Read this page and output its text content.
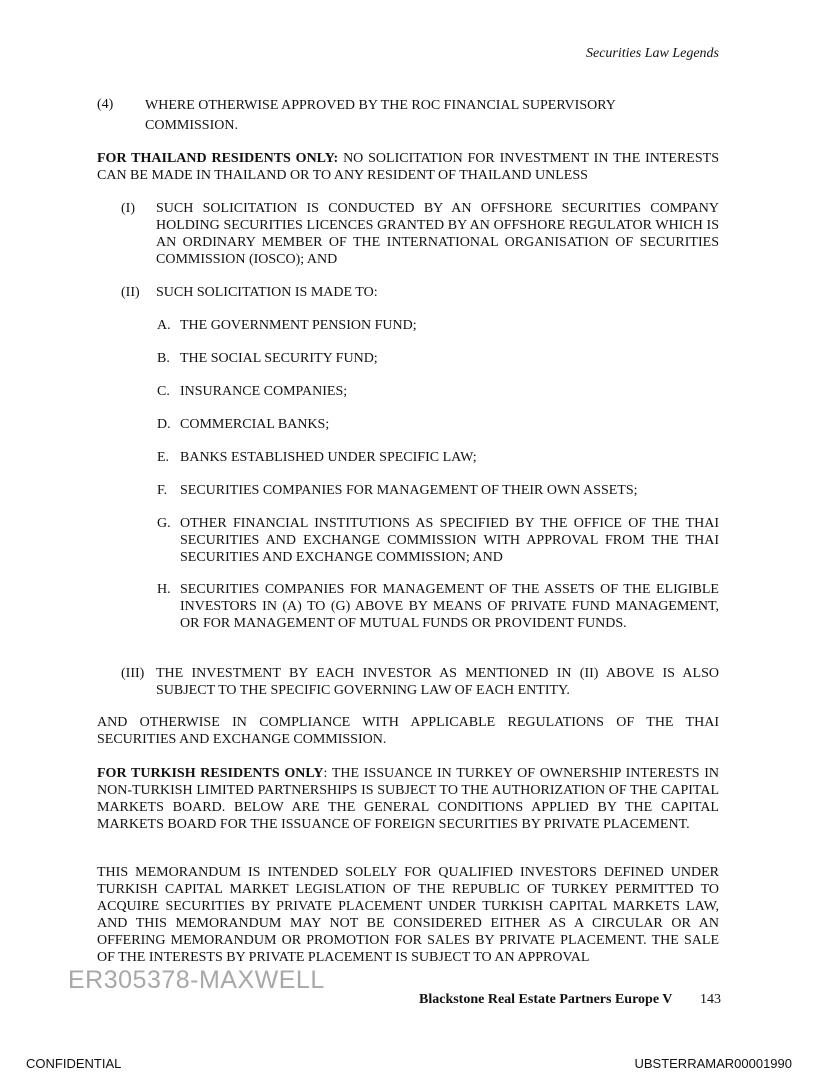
Securities Law Legends
(4) WHERE OTHERWISE APPROVED BY THE ROC FINANCIAL SUPERVISORY COMMISSION.
FOR THAILAND RESIDENTS ONLY: NO SOLICITATION FOR INVESTMENT IN THE INTERESTS CAN BE MADE IN THAILAND OR TO ANY RESIDENT OF THAILAND UNLESS
(I) SUCH SOLICITATION IS CONDUCTED BY AN OFFSHORE SECURITIES COMPANY HOLDING SECURITIES LICENCES GRANTED BY AN OFFSHORE REGULATOR WHICH IS AN ORDINARY MEMBER OF THE INTERNATIONAL ORGANISATION OF SECURITIES COMMISSION (IOSCO); AND
(II) SUCH SOLICITATION IS MADE TO:
A. THE GOVERNMENT PENSION FUND;
B. THE SOCIAL SECURITY FUND;
C. INSURANCE COMPANIES;
D. COMMERCIAL BANKS;
E. BANKS ESTABLISHED UNDER SPECIFIC LAW;
F. SECURITIES COMPANIES FOR MANAGEMENT OF THEIR OWN ASSETS;
G. OTHER FINANCIAL INSTITUTIONS AS SPECIFIED BY THE OFFICE OF THE THAI SECURITIES AND EXCHANGE COMMISSION WITH APPROVAL FROM THE THAI SECURITIES AND EXCHANGE COMMISSION; AND
H. SECURITIES COMPANIES FOR MANAGEMENT OF THE ASSETS OF THE ELIGIBLE INVESTORS IN (A) TO (G) ABOVE BY MEANS OF PRIVATE FUND MANAGEMENT, OR FOR MANAGEMENT OF MUTUAL FUNDS OR PROVIDENT FUNDS.
(III) THE INVESTMENT BY EACH INVESTOR AS MENTIONED IN (II) ABOVE IS ALSO SUBJECT TO THE SPECIFIC GOVERNING LAW OF EACH ENTITY.
AND OTHERWISE IN COMPLIANCE WITH APPLICABLE REGULATIONS OF THE THAI SECURITIES AND EXCHANGE COMMISSION.
FOR TURKISH RESIDENTS ONLY: THE ISSUANCE IN TURKEY OF OWNERSHIP INTERESTS IN NON-TURKISH LIMITED PARTNERSHIPS IS SUBJECT TO THE AUTHORIZATION OF THE CAPITAL MARKETS BOARD. BELOW ARE THE GENERAL CONDITIONS APPLIED BY THE CAPITAL MARKETS BOARD FOR THE ISSUANCE OF FOREIGN SECURITIES BY PRIVATE PLACEMENT.
THIS MEMORANDUM IS INTENDED SOLELY FOR QUALIFIED INVESTORS DEFINED UNDER TURKISH CAPITAL MARKET LEGISLATION OF THE REPUBLIC OF TURKEY PERMITTED TO ACQUIRE SECURITIES BY PRIVATE PLACEMENT UNDER TURKISH CAPITAL MARKETS LAW, AND THIS MEMORANDUM MAY NOT BE CONSIDERED EITHER AS A CIRCULAR OR AN OFFERING MEMORANDUM OR PROMOTION FOR SALES BY PRIVATE PLACEMENT. THE SALE OF THE INTERESTS BY PRIVATE PLACEMENT IS SUBJECT TO AN APPROVAL
ER305378-MAXWELL
Blackstone Real Estate Partners Europe V 143
CONFIDENTIAL	UBSTERRAMAR00001990
